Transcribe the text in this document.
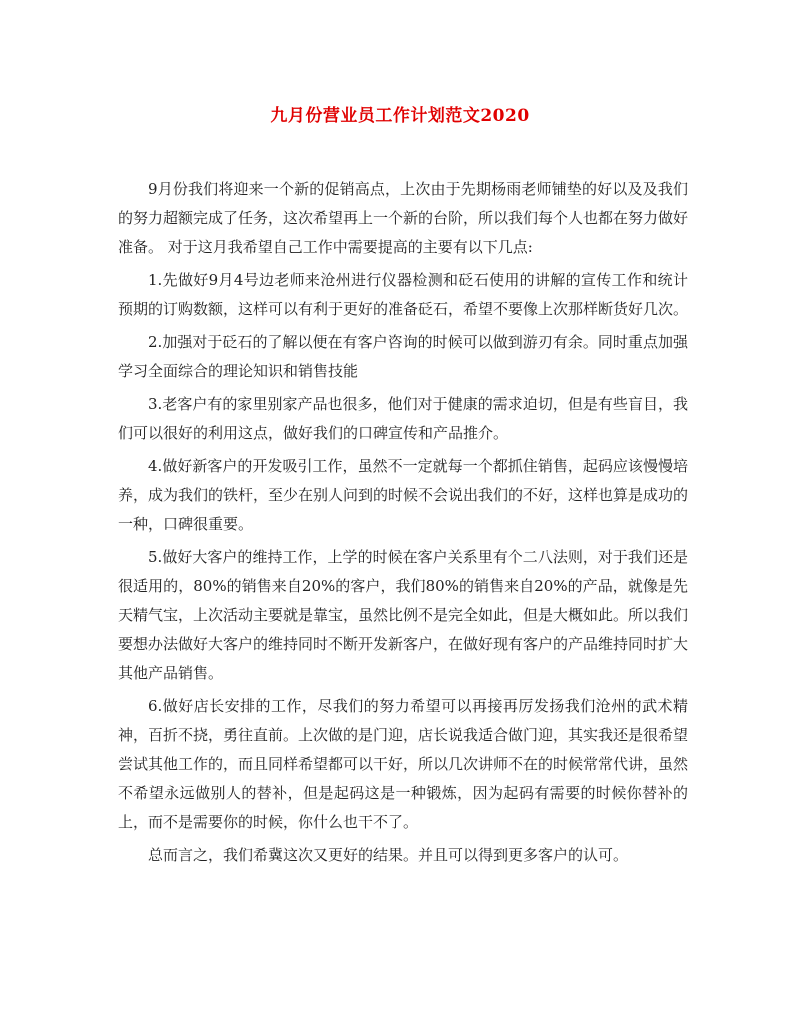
九月份营业员工作计划范文2020

9月份我们将迎来一个新的促销高点，上次由于先期杨雨老师铺垫的好以及及我们的努力超额完成了任务，这次希望再上一个新的台阶，所以我们每个人也都在努力做好准备。 对于这月我希望自己工作中需要提高的主要有以下几点:

1.先做好9月4号边老师来沧州进行仪器检测和砭石使用的讲解的宣传工作和统计预期的订购数额，这样可以有利于更好的准备砭石，希望不要像上次那样断货好几次。

2.加强对于砭石的了解以便在有客户咨询的时候可以做到游刃有余。同时重点加强学习全面综合的理论知识和销售技能

3.老客户有的家里别家产品也很多，他们对于健康的需求迫切，但是有些盲目，我们可以很好的利用这点，做好我们的口碑宣传和产品推介。

4.做好新客户的开发吸引工作，虽然不一定就每一个都抓住销售，起码应该慢慢培养，成为我们的铁杆，至少在别人问到的时候不会说出我们的不好，这样也算是成功的一种，口碑很重要。

5.做好大客户的维持工作，上学的时候在客户关系里有个二八法则，对于我们还是很适用的，80%的销售来自20%的客户，我们80%的销售来自20%的产品，就像是先天精气宝，上次活动主要就是靠宝，虽然比例不是完全如此，但是大概如此。所以我们要想办法做好大客户的维持同时不断开发新客户，在做好现有客户的产品维持同时扩大其他产品销售。

6.做好店长安排的工作，尽我们的努力希望可以再接再厉发扬我们沧州的武术精神，百折不挠，勇往直前。上次做的是门迎，店长说我适合做门迎，其实我还是很希望尝试其他工作的，而且同样希望都可以干好，所以几次讲师不在的时候常常代讲，虽然不希望永远做别人的替补，但是起码这是一种锻炼，因为起码有需要的时候你替补的上，而不是需要你的时候，你什么也干不了。

总而言之，我们希冀这次又更好的结果。并且可以得到更多客户的认可。
